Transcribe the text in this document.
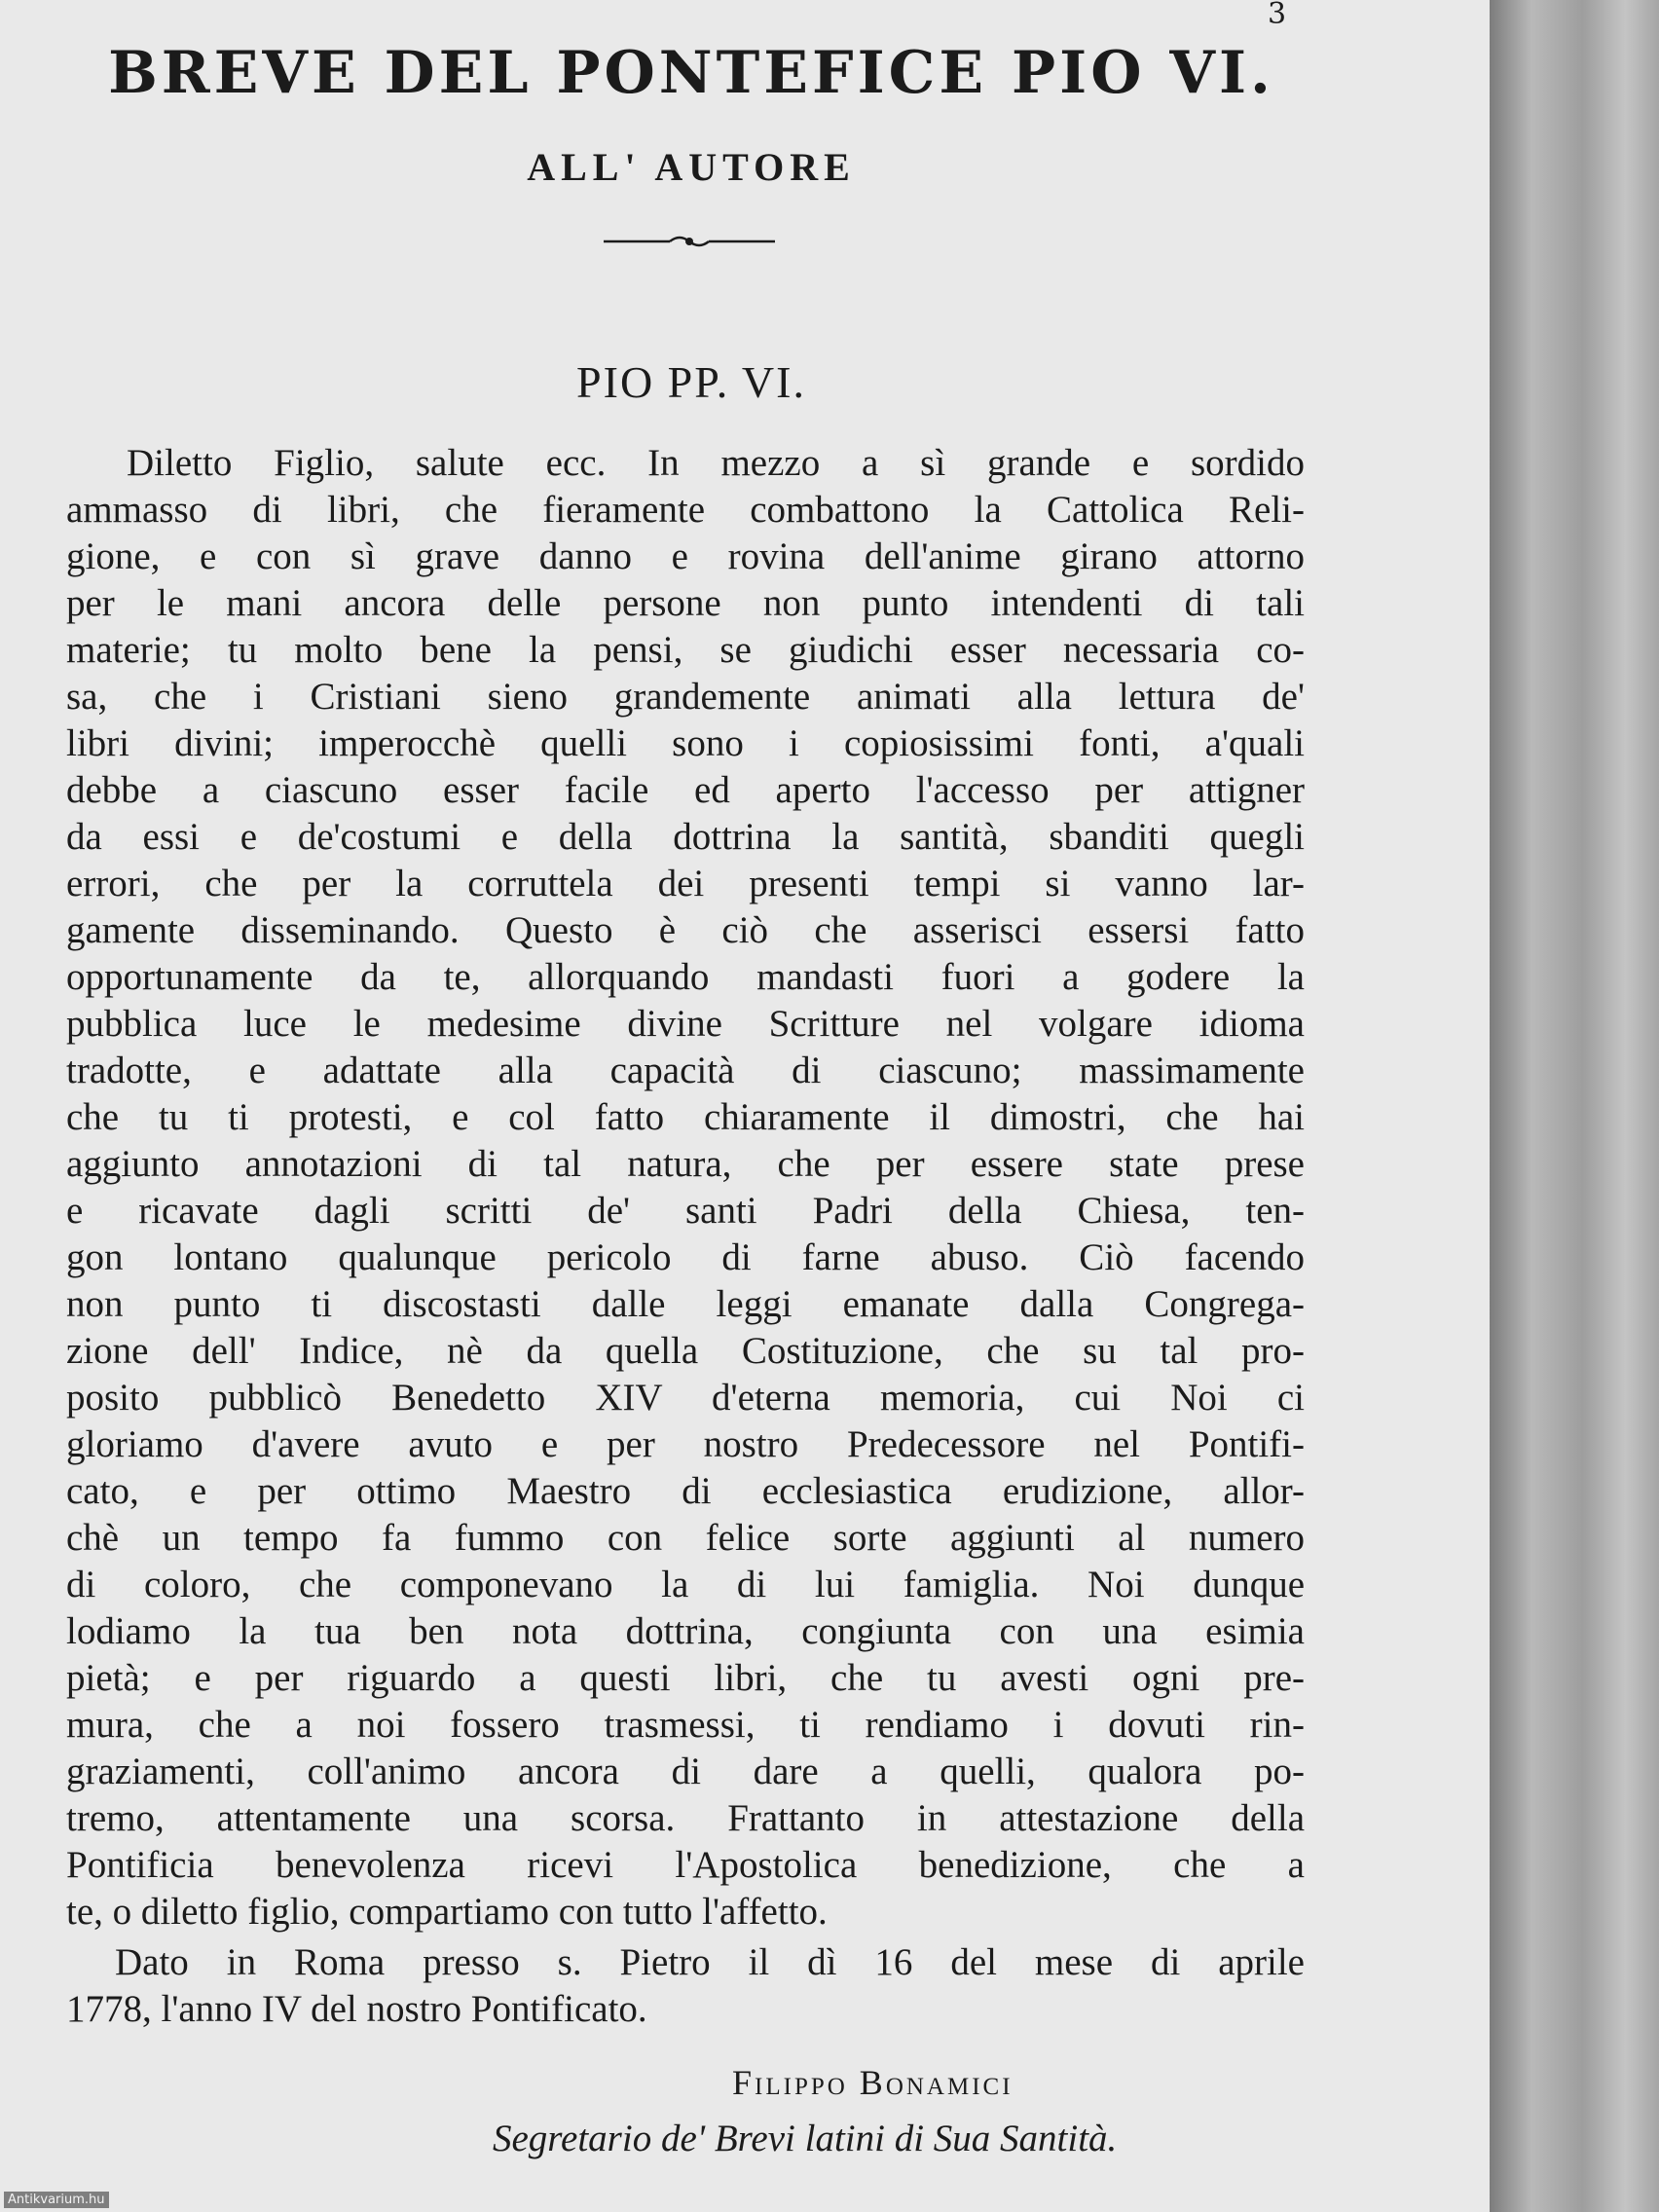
3
BREVE DEL PONTEFICE PIO VI.
ALL' AUTORE
PIO PP. VI.
Diletto Figlio, salute ecc. In mezzo a sì grande e sordido
ammasso di libri, che fieramente combattono la Cattolica Reli-
gione, e con sì grave danno e rovina dell'anime girano attorno
per le mani ancora delle persone non punto intendenti di tali
materie; tu molto bene la pensi, se giudichi esser necessaria co-
sa, che i Cristiani sieno grandemente animati alla lettura de'
libri divini; imperocchè quelli sono i copiosissimi fonti, a'quali
debbe a ciascuno esser facile ed aperto l'accesso per attigner
da essi e de'costumi e della dottrina la santità, sbanditi quegli
errori, che per la corruttela dei presenti tempi si vanno lar-
gamente disseminando. Questo è ciò che asserisci essersi fatto
opportunamente da te, allorquando mandasti fuori a godere la
pubblica luce le medesime divine Scritture nel volgare idioma
tradotte, e adattate alla capacità di ciascuno; massimamente
che tu ti protesti, e col fatto chiaramente il dimostri, che hai
aggiunto annotazioni di tal natura, che per essere state prese
e ricavate dagli scritti de' santi Padri della Chiesa, ten-
gon lontano qualunque pericolo di farne abuso. Ciò facendo
non punto ti discostasti dalle leggi emanate dalla Congrega-
zione dell' Indice, nè da quella Costituzione, che su tal pro-
posito pubblicò Benedetto XIV d'eterna memoria, cui Noi ci
gloriamo d'avere avuto e per nostro Predecessore nel Pontifi-
cato, e per ottimo Maestro di ecclesiastica erudizione, allor-
chè un tempo fa fummo con felice sorte aggiunti al numero
di coloro, che componevano la di lui famiglia. Noi dunque
lodiamo la tua ben nota dottrina, congiunta con una esimia
pietà; e per riguardo a questi libri, che tu avesti ogni pre-
mura, che a noi fossero trasmessi, ti rendiamo i dovuti rin-
graziamenti, coll'animo ancora di dare a quelli, qualora po-
tremo, attentamente una scorsa. Frattanto in attestazione della
Pontificia benevolenza ricevi l'Apostolica benedizione, che a
te, o diletto figlio, compartiamo con tutto l'affetto.
Dato in Roma presso s. Pietro il dì 16 del mese di aprile
1778, l'anno IV del nostro Pontificato.
Filippo Bonamici
Segretario de' Brevi latini di Sua Santità.
Antikvarium.hu
